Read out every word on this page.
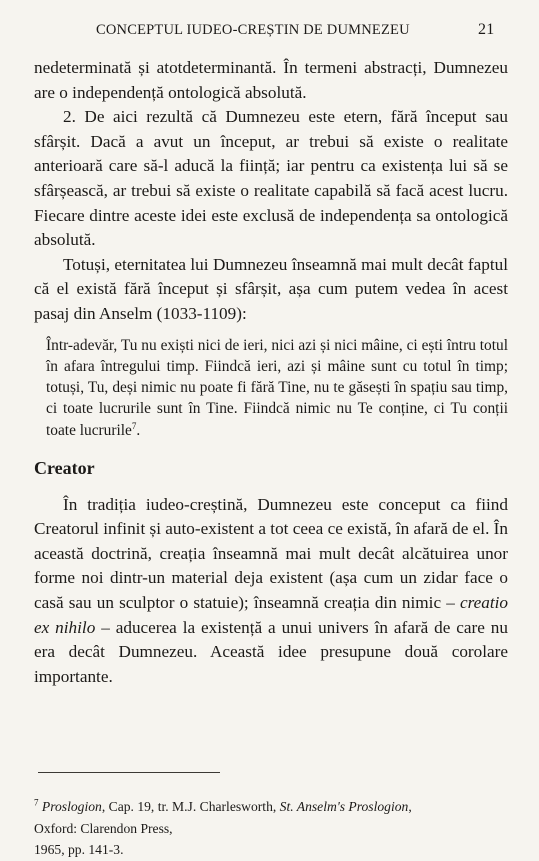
CONCEPTUL IUDEO-CREȘTIN DE DUMNEZEU	21

nedeterminată și atotdeterminantă. În termeni abstracți, Dumnezeu are o independență ontologică absolută.

2. De aici rezultă că Dumnezeu este etern, fără început sau sfârșit. Dacă a avut un început, ar trebui să existe o realitate anterioară care să-l aducă la ființă; iar pentru ca existența lui să se sfârșească, ar trebui să existe o realitate capabilă să facă acest lucru. Fiecare dintre aceste idei este exclusă de independența sa ontologică absolută.

Totuși, eternitatea lui Dumnezeu înseamnă mai mult decât faptul că el există fără început și sfârșit, așa cum putem vedea în acest pasaj din Anselm (1033-1109):

Într-adevăr, Tu nu exiști nici de ieri, nici azi și nici mâine, ci ești întru totul în afara întregului timp. Fiindcă ieri, azi și mâine sunt cu totul în timp; totuși, Tu, deși nimic nu poate fi fără Tine, nu te găsești în spațiu sau timp, ci toate lucrurile sunt în Tine. Fiindcă nimic nu Te conține, ci Tu conții toate lucrurile$^7$.

Creator

În tradiția iudeo-creștină, Dumnezeu este conceput ca fiind Creatorul infinit și auto-existent a tot ceea ce există, în afară de el. În această doctrină, creația înseamnă mai mult decât alcătuirea unor forme noi dintr-un material deja existent (așa cum un zidar face o casă sau un sculptor o statuie); înseamnă creația din nimic – creatio ex nihilo – aducerea la existență a unui univers în afară de care nu era decât Dumnezeu. Această idee presupune două corolare importante.

$^7$ Proslogion, Cap. 19, tr. M.J. Charlesworth, St. Anselm's Proslogion,

Oxford: Clarendon Press,

1965, pp. 141-3.
